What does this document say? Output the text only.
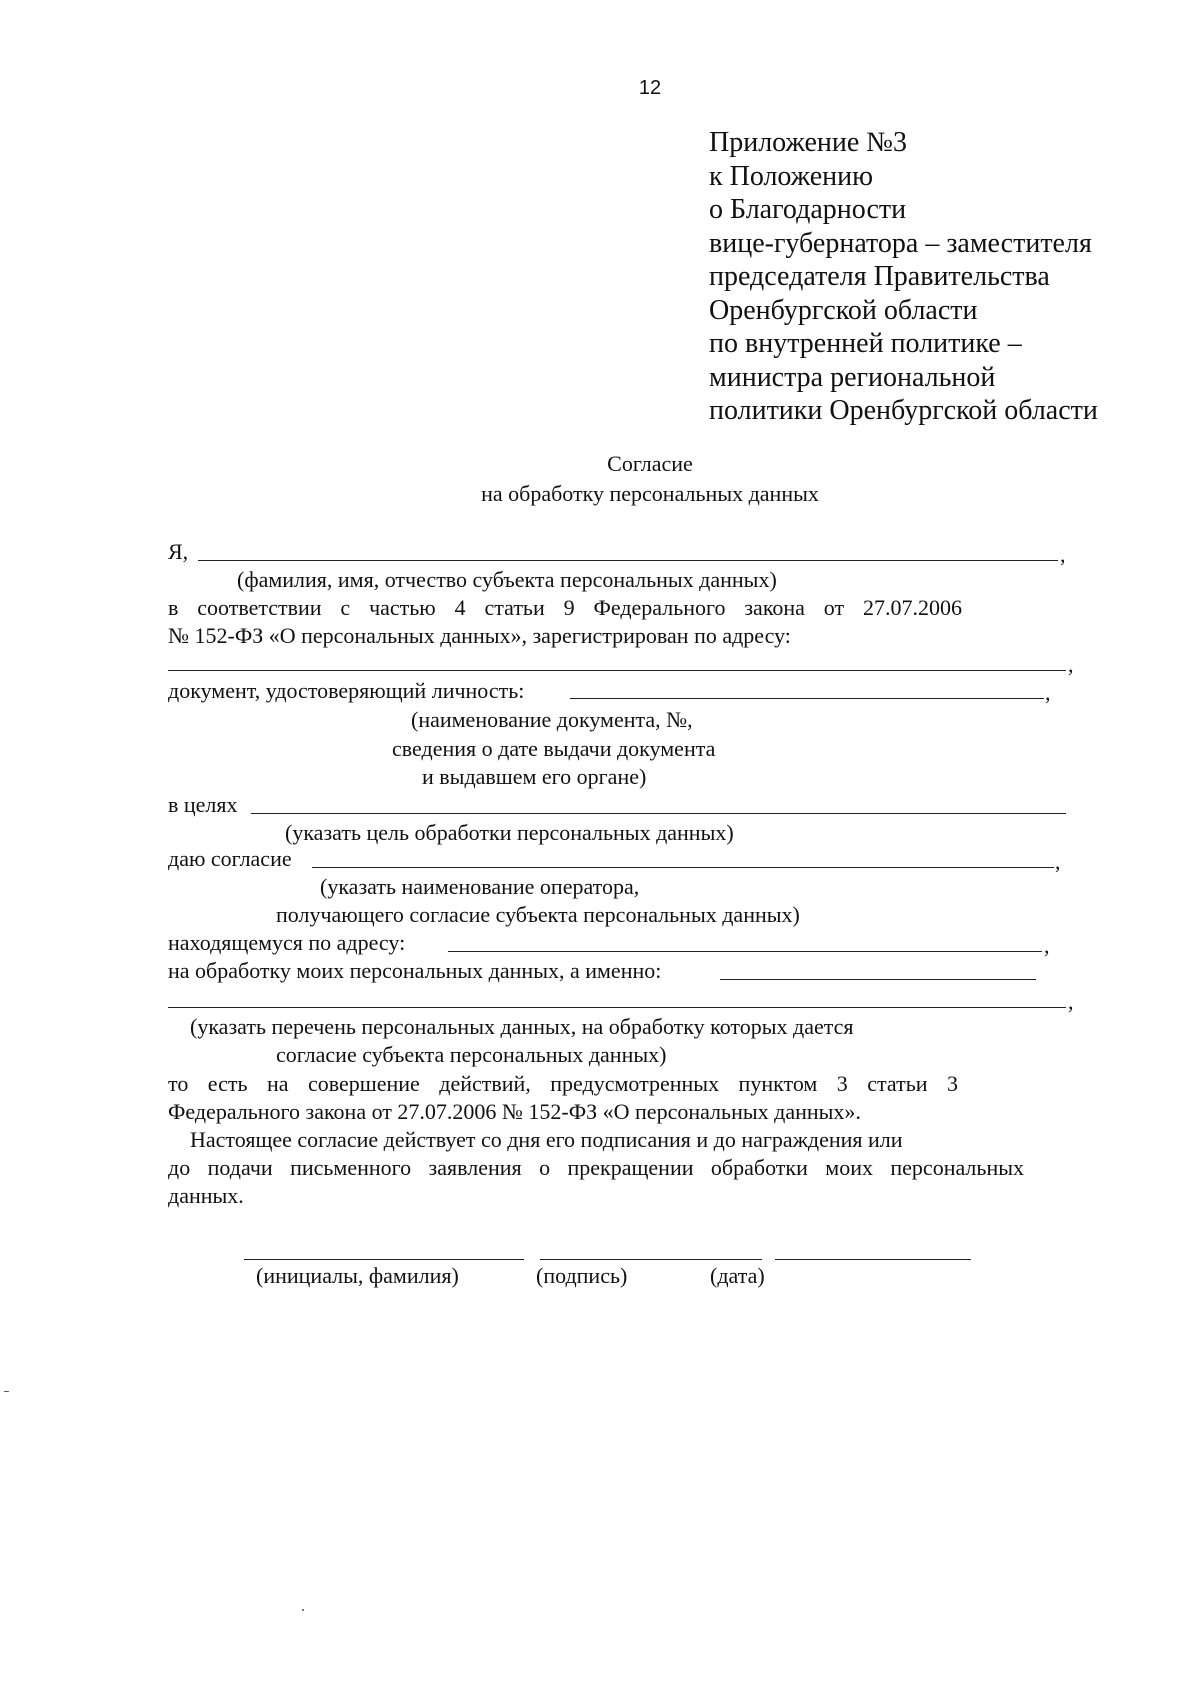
12
Приложение №3
к Положению
о Благодарности
вице-губернатора – заместителя
председателя Правительства
Оренбургской области
по внутренней политике –
министра региональной
политики Оренбургской области
Согласие
на обработку персональных данных
Я,	,
(фамилия, имя, отчество субъекта персональных данных)
в соответствии с частью 4 статьи 9 Федерального закона от 27.07.2006
№ 152-ФЗ «О персональных данных», зарегистрирован по адресу:
,
документ, удостоверяющий личность:	,
(наименование документа, №,
сведения о дате выдачи документа
и выдавшем его органе)
в целях
(указать цель обработки персональных данных)
даю согласие	,
(указать наименование оператора,
получающего согласие субъекта персональных данных)
находящемуся по адресу:	,
на обработку моих персональных данных, а именно:
,
(указать перечень персональных данных, на обработку которых дается
согласие субъекта персональных данных)
то есть на совершение действий, предусмотренных пунктом 3 статьи 3
Федерального закона от 27.07.2006 № 152-ФЗ «О персональных данных».
Настоящее согласие действует со дня его подписания и до награждения или
до подачи письменного заявления о прекращении обработки моих персональных
данных.
(инициалы, фамилия)	(подпись)	(дата)
